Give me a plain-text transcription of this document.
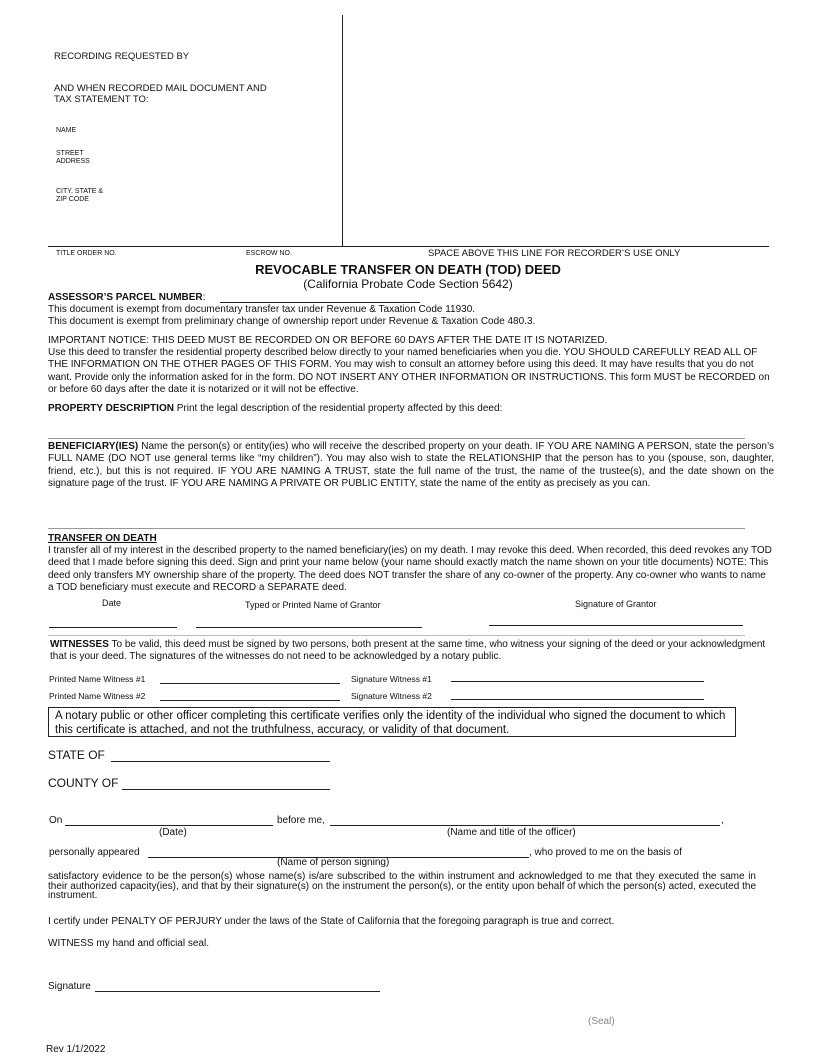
RECORDING REQUESTED BY
AND WHEN RECORDED MAIL DOCUMENT AND
TAX STATEMENT TO:
NAME
STREET
ADDRESS
CITY, STATE &
ZIP CODE
TITLE ORDER NO.	ESCROW NO.	SPACE ABOVE THIS LINE FOR RECORDER’S USE ONLY
REVOCABLE TRANSFER ON DEATH (TOD) DEED
(California Probate Code Section 5642)
ASSESSOR’S PARCEL NUMBER:
This document is exempt from documentary transfer tax under Revenue & Taxation Code 11930.
This document is exempt from preliminary change of ownership report under Revenue & Taxation Code 480.3.
IMPORTANT NOTICE: THIS DEED MUST BE RECORDED ON OR BEFORE 60 DAYS AFTER THE DATE IT IS NOTARIZED.
Use this deed to transfer the residential property described below directly to your named beneficiaries when you die. YOU SHOULD CAREFULLY READ ALL OF THE INFORMATION ON THE OTHER PAGES OF THIS FORM. You may wish to consult an attorney before using this deed. It may have results that you do not want. Provide only the information asked for in the form. DO NOT INSERT ANY OTHER INFORMATION OR INSTRUCTIONS. This form MUST be RECORDED on or before 60 days after the date it is notarized or it will not be effective.
PROPERTY DESCRIPTION Print the legal description of the residential property affected by this deed:
BENEFICIARY(IES) Name the person(s) or entity(ies) who will receive the described property on your death. IF YOU ARE NAMING A PERSON, state the person’s FULL NAME (DO NOT use general terms like “my children”). You may also wish to state the RELATIONSHIP that the person has to you (spouse, son, daughter, friend, etc.), but this is not required. IF YOU ARE NAMING A TRUST, state the full name of the trust, the name of the trustee(s), and the date shown on the signature page of the trust. IF YOU ARE NAMING A PRIVATE OR PUBLIC ENTITY, state the name of the entity as precisely as you can.
TRANSFER ON DEATH
I transfer all of my interest in the described property to the named beneficiary(ies) on my death. I may revoke this deed. When recorded, this deed revokes any TOD deed that I made before signing this deed. Sign and print your name below (your name should exactly match the name shown on your title documents) NOTE: This deed only transfers MY ownership share of the property. The deed does NOT transfer the share of any co-owner of the property. Any co-owner who wants to name a TOD beneficiary must execute and RECORD a SEPARATE deed.
Date	Typed or Printed Name of Grantor	Signature of Grantor
WITNESSES To be valid, this deed must be signed by two persons, both present at the same time, who witness your signing of the deed or your acknowledgment that is your deed. The signatures of the witnesses do not need to be acknowledged by a notary public.
Printed Name Witness #1	Signature Witness #1
Printed Name Witness #2	Signature Witness #2
A notary public or other officer completing this certificate verifies only the identity of the individual who signed the document to which this certificate is attached, and not the truthfulness, accuracy, or validity of that document.
STATE OF
COUNTY OF
On	before me,	,
(Date)	(Name and title of the officer)
personally appeared	, who proved to me on the basis of
(Name of person signing)
satisfactory evidence to be the person(s) whose name(s) is/are subscribed to the within instrument and acknowledged to me that they executed the same in their authorized capacity(ies), and that by their signature(s) on the instrument the person(s), or the entity upon behalf of which the person(s) acted, executed the instrument.
I certify under PENALTY OF PERJURY under the laws of the State of California that the foregoing paragraph is true and correct.
WITNESS my hand and official seal.
Signature
(Seal)
Rev 1/1/2022
